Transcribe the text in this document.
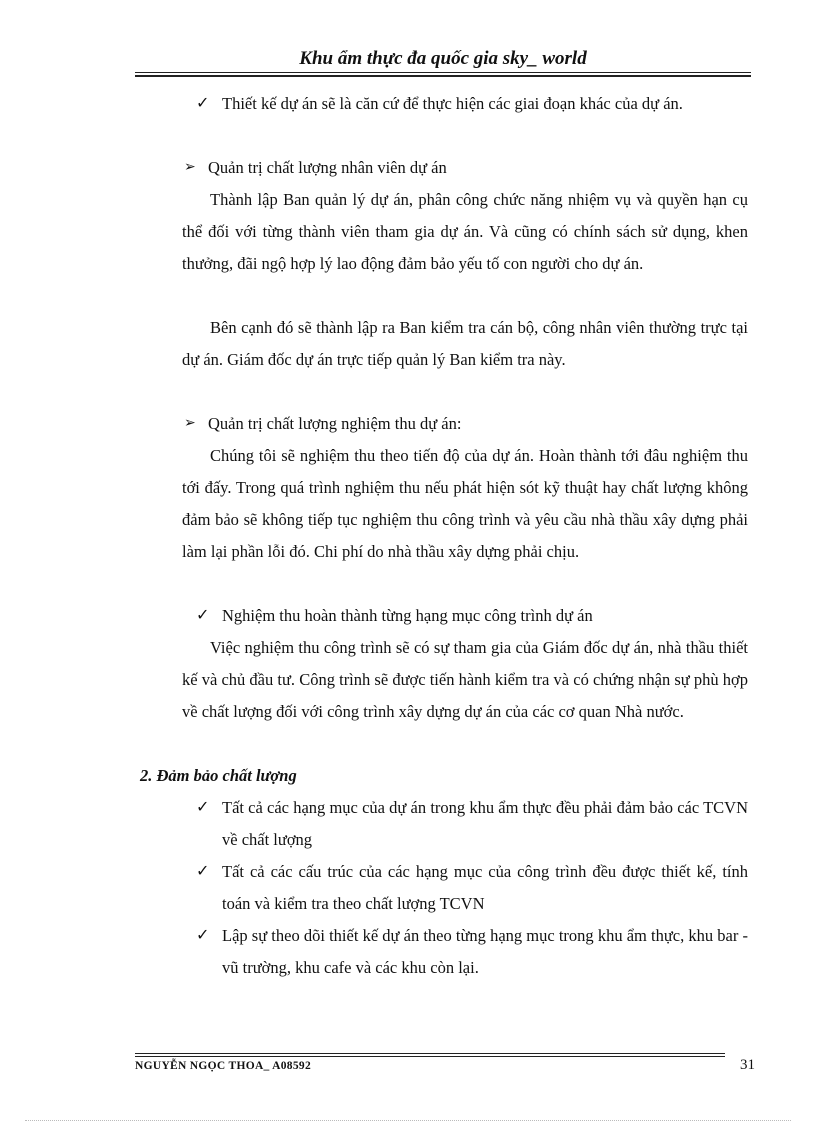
Khu ẩm thực đa quốc gia sky_ world
✓ Thiết kế dự án sẽ là căn cứ để thực hiện các giai đoạn khác của dự án.

➢ Quản trị chất lượng nhân viên dự án

Thành lập Ban quản lý dự án, phân công chức năng nhiệm vụ và quyền hạn cụ thể đối với từng thành viên tham gia dự án. Và cũng có chính sách sử dụng, khen thưởng, đãi ngộ hợp lý lao động đảm bảo yếu tố con người cho dự án.

Bên cạnh đó sẽ thành lập ra Ban kiểm tra cán bộ, công nhân viên thường trực tại dự án. Giám đốc dự án trực tiếp quản lý Ban kiểm tra này.

➢ Quản trị chất lượng nghiệm thu dự án:

Chúng tôi sẽ nghiệm thu theo tiến độ của dự án. Hoàn thành tới đâu nghiệm thu tới đấy. Trong quá trình nghiệm thu nếu phát hiện sót kỹ thuật hay chất lượng không đảm bảo sẽ không tiếp tục nghiệm thu công trình và yêu cầu nhà thầu xây dựng phải làm lại phần lỗi đó. Chi phí do nhà thầu xây dựng phải chịu.

✓ Nghiệm thu hoàn thành từng hạng mục công trình dự án

Việc nghiệm thu công trình sẽ có sự tham gia của Giám đốc dự án, nhà thầu thiết kế và chủ đầu tư. Công trình sẽ được tiến hành kiểm tra và có chứng nhận sự phù hợp về chất lượng đối với công trình xây dựng dự án của các cơ quan Nhà nước.

2. Đảm bảo chất lượng
✓ Tất cả các hạng mục của dự án trong khu ẩm thực đều phải đảm bảo các TCVN về chất lượng

✓ Tất cả các cấu trúc của các hạng mục của công trình đều được thiết kế, tính toán và kiểm tra theo chất lượng TCVN

✓ Lập sự theo dõi thiết kế dự án theo từng hạng mục trong khu ẩm thực, khu bar - vũ trường, khu cafe và các khu còn lại.

NGUYỄN NGỌC THOA_ A08592	31
